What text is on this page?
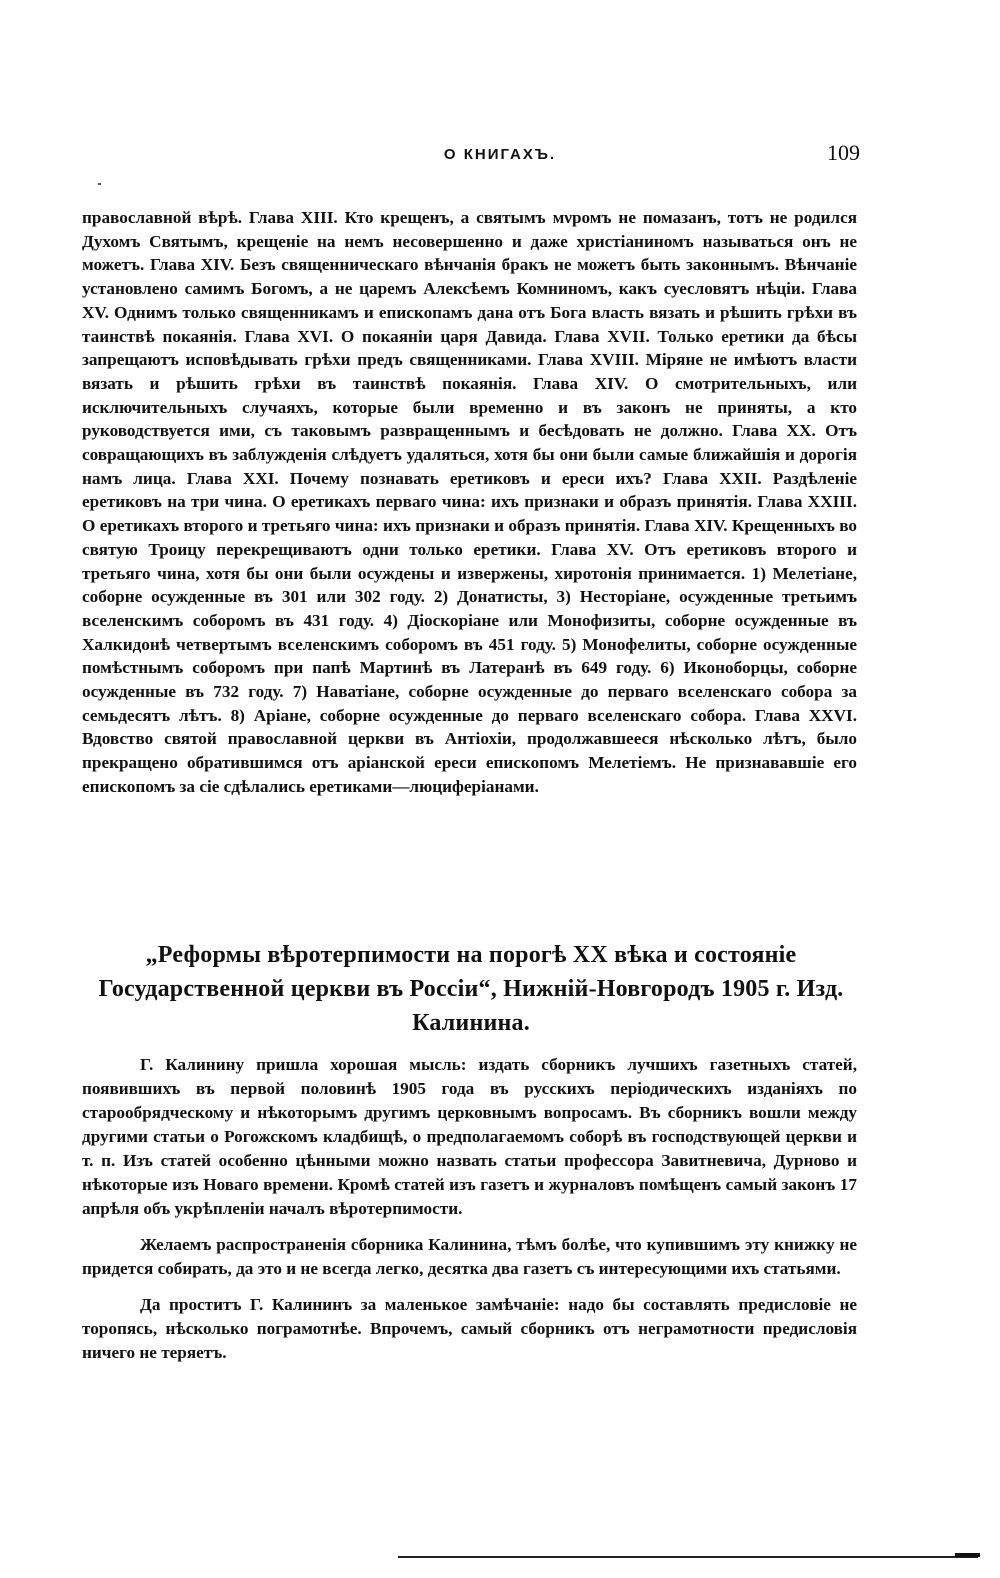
О КНИГАХЪ.	109

православной вѣрѣ. Глава XIII. Кто крещенъ, а святымъ мνромъ не помазанъ, тотъ не родился Духомъ Святымъ, крещеніе на немъ несовершенно и даже христіаниномъ называться онъ не можетъ. Глава XIV. Безъ священническаго вѣнчанія бракъ не можетъ быть законнымъ. Вѣнчаніе установлено самимъ Богомъ, а не царемъ Алексѣемъ Комниномъ, какъ суесловятъ нѣціи. Глава XV. Однимъ только священникамъ и епископамъ дана отъ Бога власть вязать и рѣшить грѣхи въ таинствѣ покаянія. Глава XVI. О покаяніи царя Давида. Глава XVII. Только еретики да бѣсы запрещаютъ исповѣдывать грѣхи предъ священниками. Глава XVIII. Міряне не имѣютъ власти вязать и рѣшить грѣхи въ таинствѣ покаянія. Глава XIV. О смотрительныхъ, или исключительныхъ случаяхъ, которые были временно и въ законъ не приняты, а кто руководствуется ими, съ таковымъ развращеннымъ и бесѣдовать не должно. Глава XX. Отъ совращающихъ въ заблужденія слѣдуетъ удаляться, хотя бы они были самые ближайшія и дорогія намъ лица. Глава XXI. Почему познавать еретиковъ и ереси ихъ? Глава XXII. Раздѣленіе еретиковъ на три чина. О еретикахъ перваго чина: ихъ признаки и образъ принятія. Глава XXIII. О еретикахъ второго и третьяго чина: ихъ признаки и образъ принятія. Глава XIV. Крещенныхъ во святую Троицу перекрещиваютъ одни только еретики. Глава XV. Отъ еретиковъ второго и третьяго чина, хотя бы они были осуждены и извержены, хиротонія принимается. 1) Мелетіане, соборне осужденные въ 301 или 302 году. 2) Донатисты, 3) Несторіане, осужденные третьимъ вселенскимъ соборомъ въ 431 году. 4) Діоскоріане или Монофизиты, соборне осужденные въ Халкидонѣ четвертымъ вселенскимъ соборомъ въ 451 году. 5) Монофелиты, соборне осужденные помѣстнымъ соборомъ при папѣ Мартинѣ въ Латеранѣ въ 649 году. 6) Иконоборцы, соборне осужденные въ 732 году. 7) Наватіане, соборне осужденные до перваго вселенскаго собора за семьдесятъ лѣтъ. 8) Аріане, соборне осужденные до перваго вселенскаго собора. Глава XXVI. Вдовство святой православной церкви въ Антіохіи, продолжавшееся нѣсколько лѣтъ, было прекращено обратившимся отъ аріанской ереси епископомъ Мелетіемъ. Не признававшіе его епископомъ за сіе сдѣлались еретиками—люциферіанами.

„Реформы вѣротерпимости на порогѣ XX вѣка и состояніе Государственной церкви въ Россіи“, Нижній-Новгородъ 1905 г. Изд. Калинина.

Г. Калинину пришла хорошая мысль: издать сборникъ лучшихъ газетныхъ статей, появившихъ въ первой половинѣ 1905 года въ русскихъ періодическихъ изданіяхъ по старообрядческому и нѣкоторымъ другимъ церковнымъ вопросамъ. Въ сборникъ вошли между другими статьи о Рогожскомъ кладбищѣ, о предполагаемомъ соборѣ въ господствующей церкви и т. п. Изъ статей особенно цѣнными можно назвать статьи профессора Завитневича, Дурново и нѣкоторые изъ Новаго времени. Кромѣ статей изъ газетъ и журналовъ помѣщенъ самый законъ 17 апрѣля объ укрѣпленіи началъ вѣротерпимости.

Желаемъ распространенія сборника Калинина, тѣмъ болѣе, что купившимъ эту книжку не придется собирать, да это и не всегда легко, десятка два газетъ съ интересующими ихъ статьями.

Да проститъ Г. Калининъ за маленькое замѣчаніе: надо бы составлять предисловіе не торопясь, нѣсколько пограмотнѣе. Впрочемъ, самый сборникъ отъ неграмотности предисловія ничего не теряетъ.
